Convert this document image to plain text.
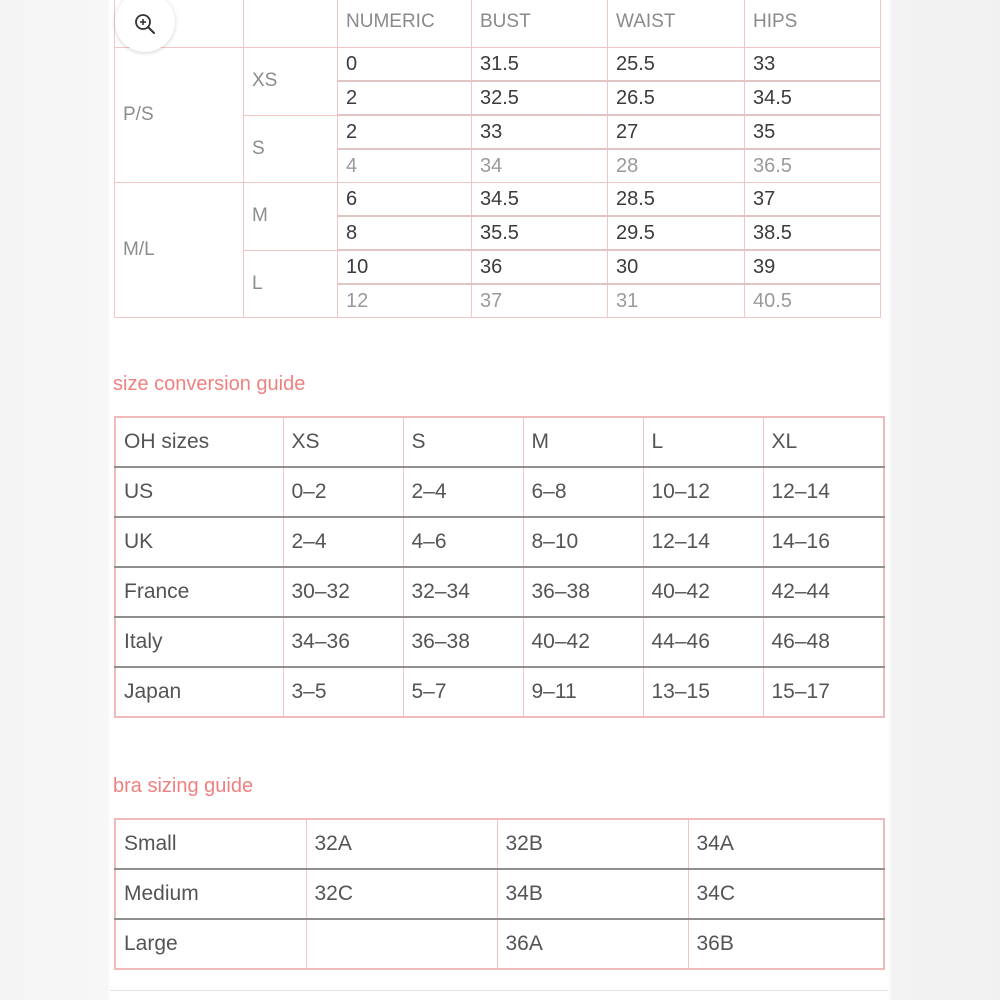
		NUMERIC	BUST	WAIST	HIPS
P/S	XS	0	31.5	25.5	33
		2	32.5	26.5	34.5
	S	2	33	27	35
		4	34	28	36.5
M/L	M	6	34.5	28.5	37
		8	35.5	29.5	38.5
	L	10	36	30	39
		12	37	31	40.5
size conversion guide
OH sizes	XS	S	M	L	XL
US	0–2	2–4	6–8	10–12	12–14
UK	2–4	4–6	8–10	12–14	14–16
France	30–32	32–34	36–38	40–42	42–44
Italy	34–36	36–38	40–42	44–46	46–48
Japan	3–5	5–7	9–11	13–15	15–17
bra sizing guide
Small	32A	32B	34A
Medium	32C	34B	34C
Large		36A	36B
